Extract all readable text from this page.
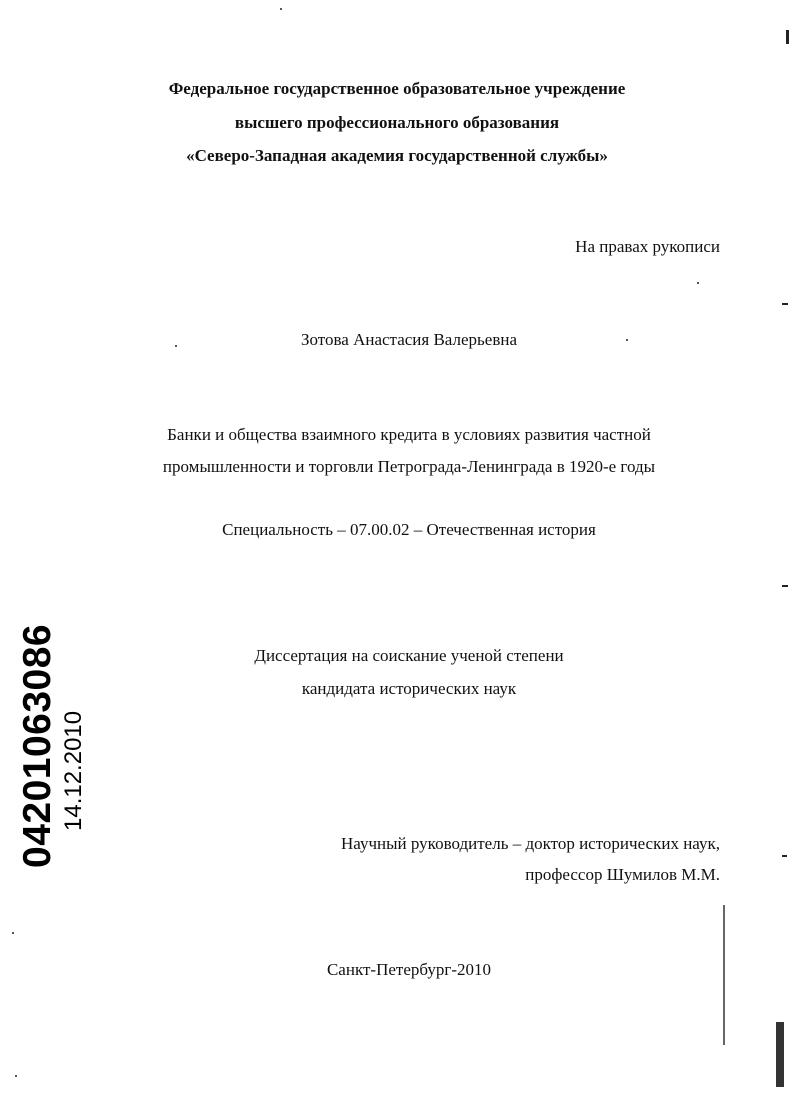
Федеральное государственное образовательное учреждение
высшего профессионального образования
«Северо-Западная академия государственной службы»
На правах рукописи
Зотова Анастасия Валерьевна
Банки и общества взаимного кредита в условиях развития частной
промышленности и торговли Петрограда-Ленинграда в 1920-е годы
Специальность – 07.00.02 – Отечественная история
Диссертация на соискание ученой степени
кандидата исторических наук
Научный руководитель – доктор исторических наук,
профессор Шумилов М.М.
Санкт-Петербург-2010
04201063086 14.12.2010
